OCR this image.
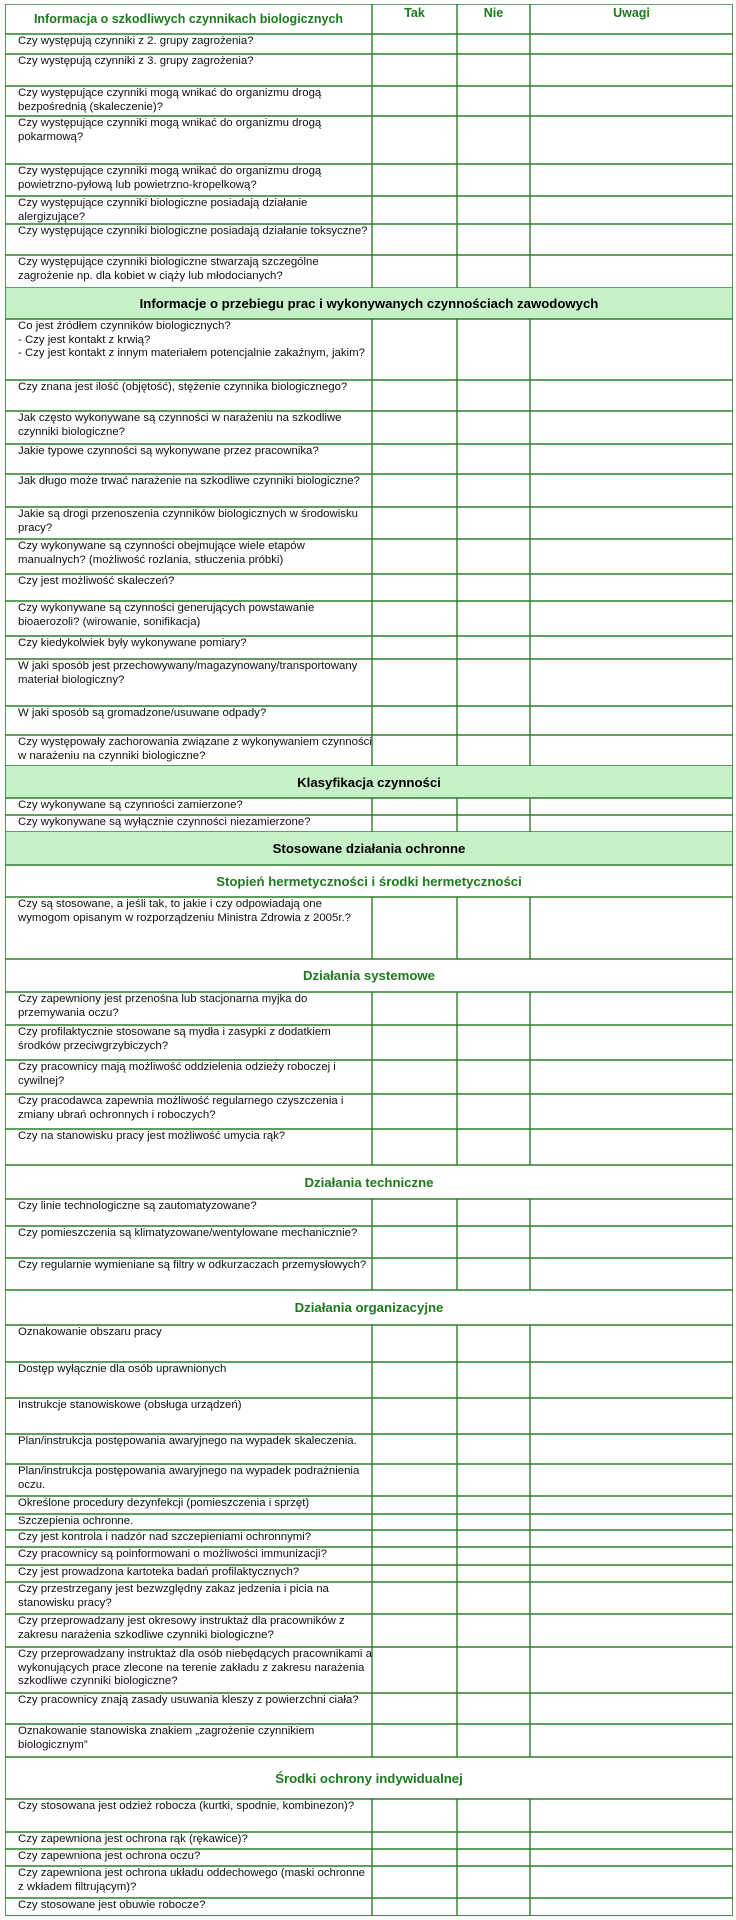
Informacja o szkodliwych czynnikach biologicznych	Tak	Nie	Uwagi
Czy występują czynniki z 2. grupy zagrożenia?
Czy występują czynniki z 3. grupy zagrożenia?
Czy występujące czynniki mogą wnikać do organizmu drogą bezpośrednią (skaleczenie)?
Czy występujące czynniki mogą wnikać do organizmu drogą pokarmową?
Czy występujące czynniki mogą wnikać do organizmu drogą powietrzno-pyłową lub powietrzno-kropelkową?
Czy występujące czynniki biologiczne posiadają działanie alergizujące?
Czy występujące czynniki biologiczne posiadają działanie toksyczne?
Czy występujące czynniki biologiczne stwarzają szczególne zagrożenie np. dla kobiet w ciąży lub młodocianych?
Informacje o przebiegu prac i wykonywanych czynnościach zawodowych
Co jest źródłem czynników biologicznych?
- Czy jest kontakt z krwią?
- Czy jest kontakt z innym materiałem potencjalnie zakaźnym, jakim?
Czy znana jest ilość (objętość), stężenie czynnika biologicznego?
Jak często wykonywane są czynności w narażeniu na szkodliwe czynniki biologiczne?
Jakie typowe czynności są wykonywane przez pracownika?
Jak długo może trwać narażenie na szkodliwe czynniki biologiczne?
Jakie są drogi przenoszenia czynników biologicznych w środowisku pracy?
Czy wykonywane są czynności obejmujące wiele etapów manualnych? (możliwość rozlania, stłuczenia próbki)
Czy jest możliwość skaleczeń?
Czy wykonywane są czynności generujących powstawanie bioaerozoli? (wirowanie, sonifikacja)
Czy kiedykolwiek były wykonywane pomiary?
W jaki sposób jest przechowywany/magazynowany/transportowany materiał biologiczny?
W jaki sposób są gromadzone/usuwane odpady?
Czy występowały zachorowania związane z wykonywaniem czynności w narażeniu na czynniki biologiczne?
Klasyfikacja czynności
Czy wykonywane są czynności zamierzone?
Czy wykonywane są wyłącznie czynności niezamierzone?
Stosowane działania ochronne
Stopień hermetyczności i środki hermetyczności
Czy są stosowane, a jeśli tak, to jakie i czy odpowiadają one wymogom opisanym w rozporządzeniu Ministra Zdrowia z 2005r.?
Działania systemowe
Czy zapewniony jest przenośna lub stacjonarna myjka do przemywania oczu?
Czy profilaktycznie stosowane są mydła i zasypki z dodatkiem środków przeciwgrzybiczych?
Czy pracownicy mają możliwość oddzielenia odzieży roboczej i cywilnej?
Czy pracodawca zapewnia możliwość regularnego czyszczenia i zmiany ubrań ochronnych i roboczych?
Czy na stanowisku pracy jest możliwość umycia rąk?
Działania techniczne
Czy linie technologiczne są zautomatyzowane?
Czy pomieszczenia są klimatyzowane/wentylowane mechanicznie?
Czy regularnie wymieniane są filtry w odkurzaczach przemysłowych?
Działania organizacyjne
Oznakowanie obszaru pracy
Dostęp wyłącznie dla osób uprawnionych
Instrukcje stanowiskowe (obsługa urządzeń)
Plan/instrukcja postępowania awaryjnego na wypadek skaleczenia.
Plan/instrukcja postępowania awaryjnego na wypadek podrażnienia oczu.
Określone procedury dezynfekcji (pomieszczenia i sprzęt)
Szczepienia ochronne.
Czy jest kontrola i nadzór nad szczepieniami ochronnymi?
Czy pracownicy są poinformowani o możliwości immunizacji?
Czy jest prowadzona kartoteka badań profilaktycznych?
Czy przestrzegany jest bezwzględny zakaz jedzenia i picia na stanowisku pracy?
Czy przeprowadzany jest okresowy instruktaż dla pracowników z zakresu narażenia szkodliwe czynniki biologiczne?
Czy przeprowadzany instruktaż dla osób niebędących pracownikami a wykonujących prace zlecone na terenie zakładu z zakresu narażenia szkodliwe czynniki biologiczne?
Czy pracownicy znają zasady usuwania kleszy z powierzchni ciała?
Oznakowanie stanowiska znakiem „zagrożenie czynnikiem biologicznym”
Środki ochrony indywidualnej
Czy stosowana jest odzież robocza (kurtki, spodnie, kombinezon)?
Czy zapewniona jest ochrona rąk (rękawice)?
Czy zapewniona jest ochrona oczu?
Czy zapewniona jest ochrona układu oddechowego (maski ochronne z wkładem filtrującym)?
Czy stosowane jest obuwie robocze?
